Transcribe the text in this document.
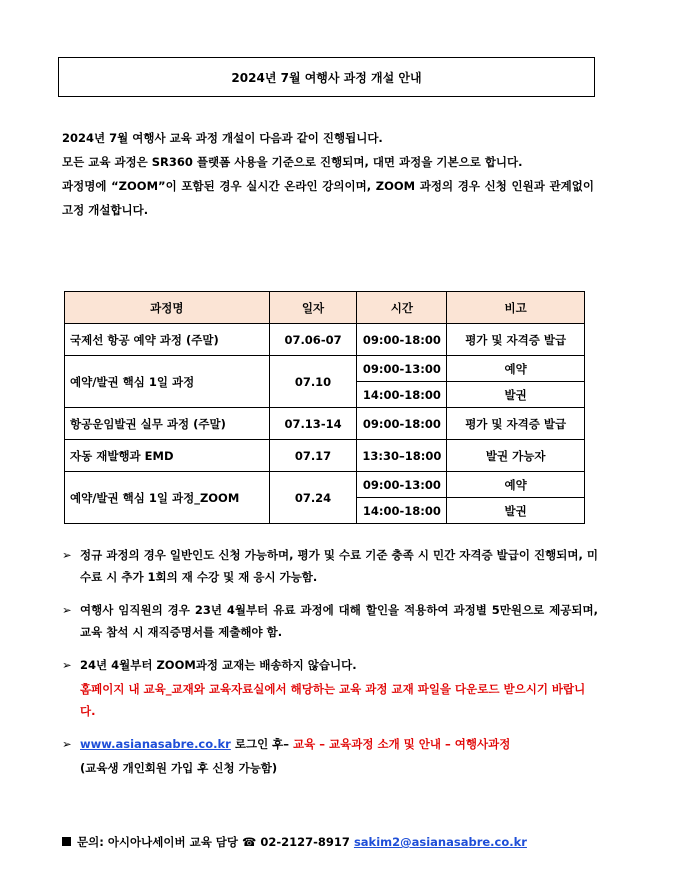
2024년 7월 여행사 과정 개설 안내

2024년 7월 여행사 교육 과정 개설이 다음과 같이 진행됩니다.

모든 교육 과정은 SR360 플랫폼 사용을 기준으로 진행되며, 대면 과정을 기본으로 합니다.

과정명에 “ZOOM”이 포함된 경우 실시간 온라인 강의이며, ZOOM 과정의 경우 신청 인원과 관계없이 고정 개설합니다.

과정명	일자	시간	비고
국제선 항공 예약 과정 (주말)	07.06-07	09:00-18:00	평가 및 자격증 발급
예약/발권 핵심 1일 과정	07.10	09:00-13:00	예약
		14:00-18:00	발권
항공운임발권 실무 과정 (주말)	07.13-14	09:00-18:00	평가 및 자격증 발급
자동 재발행과 EMD	07.17	13:30–18:00	발권 가능자
예약/발권 핵심 1일 과정_ZOOM	07.24	09:00-13:00	예약
		14:00-18:00	발권
➢ 정규 과정의 경우 일반인도 신청 가능하며, 평가 및 수료 기준 충족 시 민간 자격증 발급이 진행되며, 미 수료 시 추가 1회의 재 수강 및 재 응시 가능함.
➢ 여행사 임직원의 경우 23년 4월부터 유료 과정에 대해 할인을 적용하여 과정별 5만원으로 제공되며, 교육 참석 시 재직증명서를 제출해야 함.
➢ 24년 4월부터 ZOOM과정 교재는 배송하지 않습니다.
홈페이지 내 교육_교재와 교육자료실에서 해당하는 교육 과정 교재 파일을 다운로드 받으시기 바랍니다.
➢ www.asianasabre.co.kr 로그인 후– 교육 – 교육과정 소개 및 안내 – 여행사과정
(교육생 개인회원 가입 후 신청 가능함)
문의: 아시아나세이버 교육 담당 ☎ 02-2127-8917 sakim2@asianasabre.co.kr
